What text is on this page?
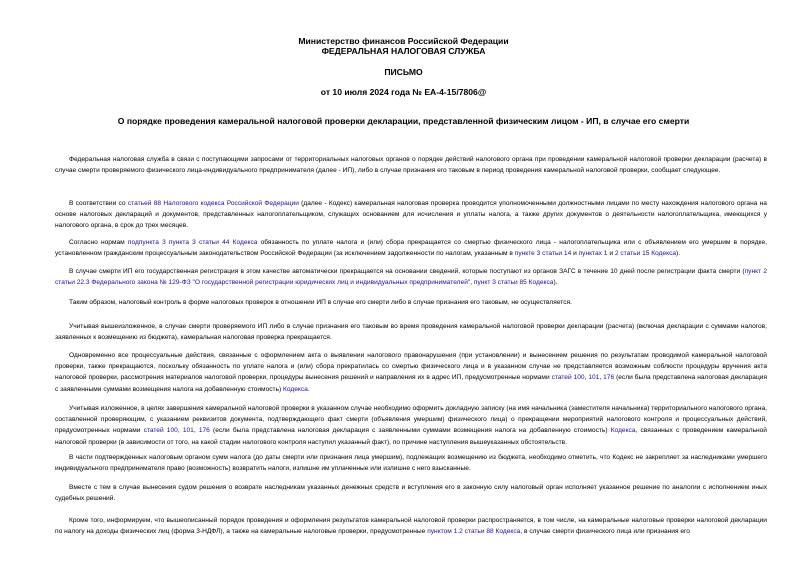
Министерство финансов Российской Федерации
ФЕДЕРАЛЬНАЯ НАЛОГОВАЯ СЛУЖБА
ПИСЬМО
от 10 июля 2024 года № ЕА-4-15/7806@
О порядке проведения камеральной налоговой проверки декларации, представленной физическим лицом - ИП, в случае его смерти
Федеральная налоговая служба в связи с поступающими запросами от территориальных налоговых органов о порядке действий налогового органа при проведении камеральной налоговой проверки декларации (расчета) в случае смерти проверяемого физического лица-индивидуального предпринимателя (далее - ИП), либо в случае признания его таковым в период проведения камеральной налоговой проверки, сообщает следующее.
В соответствии со статьей 88 Налогового кодекса Российской Федерации (далее - Кодекс) камеральная налоговая проверка проводится уполномоченными должностными лицами по месту нахождения налогового органа на основе налоговых деклараций и документов, представленных налогоплательщиком, служащих основанием для исчисления и уплаты налога, а также других документов о деятельности налогоплательщика, имеющихся у налогового органа, в срок до трех месяцев.
Согласно нормам подпункта 3 пункта 3 статьи 44 Кодекса обязанность по уплате налога и (или) сбора прекращается со смертью физического лица - налогоплательщика или с объявлением его умершим в порядке, установленном гражданским процессуальным законодательством Российской Федерации (за исключением задолженности по налогам, указанным в пункте 3 статьи 14 и пунктах 1 и 2 статьи 15 Кодекса).
В случае смерти ИП его государственная регистрация в этом качестве автоматически прекращается на основании сведений, которые поступают из органов ЗАГС в течение 10 дней после регистрации факта смерти (пункт 2 статьи 22.3 Федерального закона № 129-ФЗ "О государственной регистрации юридических лиц и индивидуальных предпринимателей", пункт 3 статьи 85 Кодекса).
Таким образом, налоговый контроль в форме налоговых проверок в отношении ИП в случае его смерти либо в случае признания его таковым, не осуществляется.
Учитывая вышеизложенное, в случае смерти проверяемого ИП либо в случае признания его таковым во время проведения камеральной налоговой проверки декларации (расчета) (включая декларации с суммами налогов, заявленных к возмещению из бюджета), камеральная налоговая проверка прекращается.
Одновременно все процессуальные действия, связанные с оформлением акта о выявлении налогового правонарушения (при установлении) и вынесением решения по результатам проводимой камеральной налоговой проверки, также прекращаются, поскольку обязанность по уплате налога и (или) сбора прекратилась со смертью физического лица и в указанном случае не представляется возможным соблюсти процедуры вручения акта налоговой проверки, рассмотрения материалов налоговой проверки, процедуры вынесения решений и направления их в адрес ИП, предусмотренные нормами статей 100, 101, 176 (если была представлена налоговая декларация с заявленными суммами возмещения налога на добавленную стоимость) Кодекса.
Учитывая изложенное, в целях завершения камеральной налоговой проверки в указанном случае необходимо оформить докладную записку (на имя начальника (заместителя начальника) территориального налогового органа, составленной проверяющим, с указанием реквизитов документа, подтверждающего факт смерти (объявления умершим) физического лица) о прекращении мероприятий налогового контроля и процессуальных действий, предусмотренных нормами статей 100, 101, 176 (если была представлена налоговая декларация с заявленными суммами возмещения налога на добавленную стоимость) Кодекса, связанных с проведением камеральной налоговой проверки (в зависимости от того, на какой стадии налогового контроля наступил указанный факт), по причине наступления вышеуказанных обстоятельств.
В части подтвержденных налоговым органом сумм налога (до даты смерти или признания лица умершим), подлежащих возмещению из бюджета, необходимо отметить, что Кодекс не закрепляет за наследниками умершего индивидуального предпринимателя право (возможность) возвратить налоги, излишне им уплаченные или излишне с него взысканные.
Вместе с тем в случае вынесения судом решения о возврате наследникам указанных денежных средств и вступления его в законную силу налоговый орган исполняет указанное решение по аналогии с исполнением иных судебных решений.
Кроме того, информируем, что вышеописанный порядок проведения и оформления результатов камеральной налоговой проверки распространяется, в том числе, на камеральные налоговые проверки налоговой декларации по налогу на доходы физических лиц (форма 3-НДФЛ), а также на камеральные налоговые проверки, предусмотренные пунктом 1.2 статьи 88 Кодекса, в случае смерти физического лица или признания его
